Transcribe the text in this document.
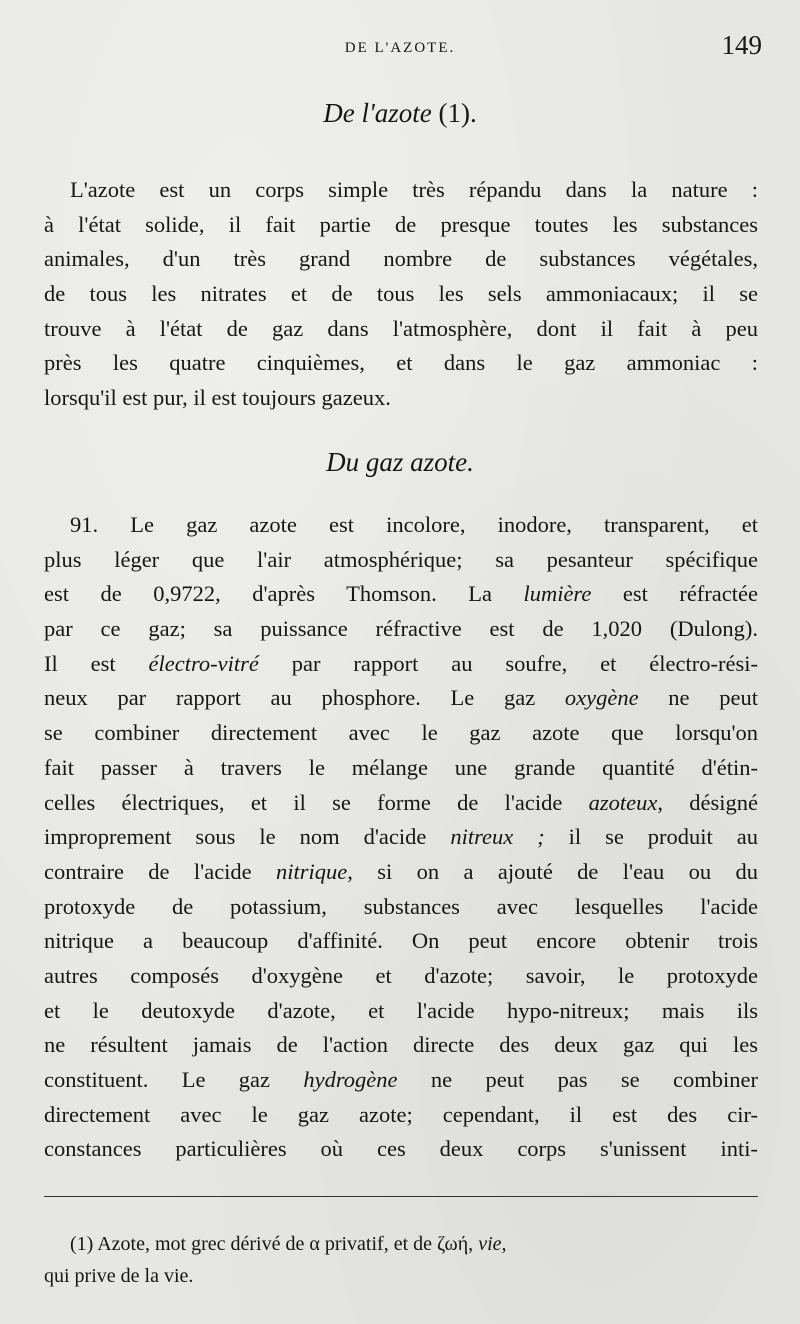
DE L'AZOTE.	149
De l'azote (1).
L'azote est un corps simple très répandu dans la nature :
à l'état solide, il fait partie de presque toutes les substances
animales, d'un très grand nombre de substances végétales,
de tous les nitrates et de tous les sels ammoniacaux; il se
trouve à l'état de gaz dans l'atmosphère, dont il fait à peu
près les quatre cinquièmes, et dans le gaz ammoniac :
lorsqu'il est pur, il est toujours gazeux.
Du gaz azote.
91. Le gaz azote est incolore, inodore, transparent, et
plus léger que l'air atmosphérique; sa pesanteur spécifique
est de 0,9722, d'après Thomson. La lumière est réfractée
par ce gaz; sa puissance réfractive est de 1,020 (Dulong).
Il est électro-vitré par rapport au soufre, et électro-rési-
neux par rapport au phosphore. Le gaz oxygène ne peut
se combiner directement avec le gaz azote que lorsqu'on
fait passer à travers le mélange une grande quantité d'étin-
celles électriques, et il se forme de l'acide azoteux, désigné
improprement sous le nom d'acide nitreux ; il se produit au
contraire de l'acide nitrique, si on a ajouté de l'eau ou du
protoxyde de potassium, substances avec lesquelles l'acide
nitrique a beaucoup d'affinité. On peut encore obtenir trois
autres composés d'oxygène et d'azote; savoir, le protoxyde
et le deutoxyde d'azote, et l'acide hypo-nitreux; mais ils
ne résultent jamais de l'action directe des deux gaz qui les
constituent. Le gaz hydrogène ne peut pas se combiner
directement avec le gaz azote; cependant, il est des cir-
constances particulières où ces deux corps s'unissent inti-
(1) Azote, mot grec dérivé de α privatif, et de ζωή, vie,
qui prive de la vie.
